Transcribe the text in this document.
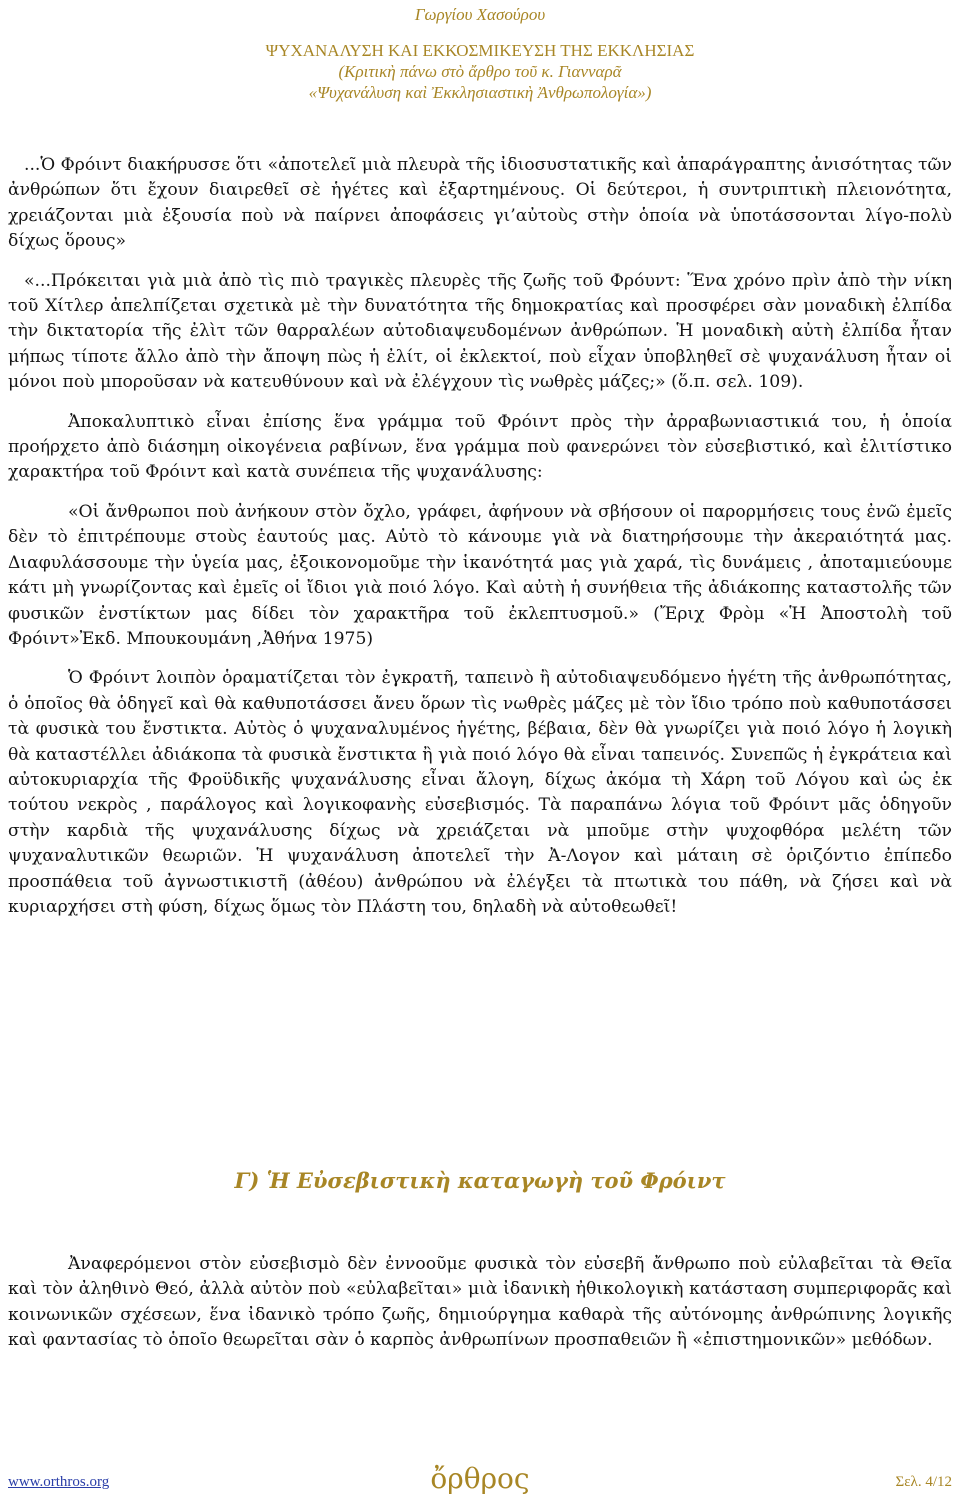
Γωργίου Χασούρου
ΨΥΧΑΝΑΛΥΣΗ ΚΑΙ ΕΚΚΟΣΜΙΚΕΥΣΗ ΤΗΣ ΕΚΚΛΗΣΙΑΣ
(Κριτικὴ πάνω στὸ ἄρθρο τοῦ κ. Γιανναρᾶ
«Ψυχανάλυση καὶ Ἐκκλησιαστικὴ Ἀνθρωπολογία»)

...Ὁ Φρόιντ διακήρυσσε ὅτι «ἀποτελεῖ μιὰ πλευρὰ τῆς ἰδιοσυστατικῆς καὶ ἀπαράγραπτης ἀνισότητας τῶν ἀνθρώπων ὅτι ἔχουν διαιρεθεῖ σὲ ἡγέτες καὶ ἐξαρτημένους. Οἱ δεύτεροι, ἡ συντριπτικὴ πλειονότητα, χρειάζονται μιὰ ἐξουσία ποὺ νὰ παίρνει ἀποφάσεις γι’αὐτοὺς στὴν ὁποία νὰ ὑποτάσσονται λίγο-πολὺ δίχως ὅρους»

«...Πρόκειται γιὰ μιὰ ἀπὸ τὶς πιὸ τραγικὲς πλευρὲς τῆς ζωῆς τοῦ Φρόυντ: Ἕνα χρόνο πρὶν ἀπὸ τὴν νίκη τοῦ Χίτλερ ἀπελπίζεται σχετικὰ μὲ τὴν δυνατότητα τῆς δημοκρατίας καὶ προσφέρει σὰν μοναδικὴ ἐλπίδα τὴν δικτατορία τῆς ἐλὶτ τῶν θαρραλέων αὐτοδιαψευδομένων ἀνθρώπων. Ἡ μοναδικὴ αὐτὴ ἐλπίδα ἦταν μήπως τίποτε ἄλλο ἀπὸ τὴν ἄποψη πὼς ἡ ἐλίτ, οἱ ἐκλεκτοί, ποὺ εἶχαν ὑποβληθεῖ σὲ ψυχανάλυση ἦταν οἱ μόνοι ποὺ μποροῦσαν νὰ κατευθύνουν καὶ νὰ ἐλέγχουν τὶς νωθρὲς μάζες;» (ὅ.π. σελ. 109).

Ἀποκαλυπτικὸ εἶναι ἐπίσης ἕνα γράμμα τοῦ Φρόιντ πρὸς τὴν ἀρραβωνιαστικιά του, ἡ ὁποία προήρχετο ἀπὸ διάσημη οἰκογένεια ραβίνων, ἕνα γράμμα ποὺ φανερώνει τὸν εὐσεβιστικό, καὶ ἐλιτίστικο χαρακτήρα τοῦ Φρόιντ καὶ κατὰ συνέπεια τῆς ψυχανάλυσης:

«Οἱ ἄνθρωποι ποὺ ἀνήκουν στὸν ὄχλο, γράφει, ἀφήνουν νὰ σβήσουν οἱ παρορμήσεις τους ἐνῶ ἐμεῖς δὲν τὸ ἐπιτρέπουμε στοὺς ἑαυτούς μας. Αὐτὸ τὸ κάνουμε γιὰ νὰ διατηρήσουμε τὴν ἀκεραιότητά μας. Διαφυλάσσουμε τὴν ὑγεία μας, ἐξοικονομοῦμε τὴν ἱκανότητά μας γιὰ χαρά, τὶς δυνάμεις , ἀποταμιεύουμε κάτι μὴ γνωρίζοντας καὶ ἐμεῖς οἱ ἴδιοι γιὰ ποιό λόγο. Καὶ αὐτὴ ἡ συνήθεια τῆς ἀδιάκοπης καταστολῆς τῶν φυσικῶν ἐνστίκτων μας δίδει τὸν χαρακτῆρα τοῦ ἐκλεπτυσμοῦ.» (Ἔριχ Φρὸμ «Ἡ Ἀποστολὴ τοῦ Φρόιντ»Ἐκδ. Μπουκουμάνη ,Ἀθήνα 1975)

Ὁ Φρόιντ λοιπὸν ὁραματίζεται τὸν ἐγκρατῆ, ταπεινὸ ἢ αὐτοδιαψευδόμενο ἡγέτη τῆς ἀνθρωπότητας, ὁ ὁποῖος θὰ ὁδηγεῖ καὶ θὰ καθυποτάσσει ἄνευ ὅρων τὶς νωθρὲς μάζες μὲ τὸν ἴδιο τρόπο ποὺ καθυποτάσσει τὰ φυσικὰ του ἔνστικτα. Αὐτὸς ὁ ψυχαναλυμένος ἡγέτης, βέβαια, δὲν θὰ γνωρίζει γιὰ ποιό λόγο ἡ λογικὴ θὰ καταστέλλει ἀδιάκοπα τὰ φυσικὰ ἔνστικτα ἢ γιὰ ποιό λόγο θὰ εἶναι ταπεινός. Συνεπῶς ἡ ἐγκράτεια καὶ αὐτοκυριαρχία τῆς Φροϋδικῆς ψυχανάλυσης εἶναι ἄλογη, δίχως ἀκόμα τὴ Χάρη τοῦ Λόγου καὶ ὡς ἐκ τούτου νεκρὸς , παράλογος καὶ λογικοφανὴς εὐσεβισμός. Τὰ παραπάνω λόγια τοῦ Φρόιντ μᾶς ὁδηγοῦν στὴν καρδιὰ τῆς ψυχανάλυσης δίχως νὰ χρειάζεται νὰ μποῦμε στὴν ψυχοφθόρα μελέτη τῶν ψυχαναλυτικῶν θεωριῶν. Ἡ ψυχανάλυση ἀποτελεῖ τὴν Ἀ-Λογον καὶ μάταιη σὲ ὁριζόντιο ἐπίπεδο προσπάθεια τοῦ ἀγνωστικιστῆ (ἀθέου) ἀνθρώπου νὰ ἐλέγξει τὰ πτωτικὰ του πάθη, νὰ ζήσει καὶ νὰ κυριαρχήσει στὴ φύση, δίχως ὅμως τὸν Πλάστη του, δηλαδὴ νὰ αὐτοθεωθεῖ!

Γ) Ἡ Εὐσεβιστικὴ καταγωγὴ τοῦ Φρόιντ

Ἀναφερόμενοι στὸν εὐσεβισμὸ δὲν ἐννοοῦμε φυσικὰ τὸν εὐσεβῆ ἄνθρωπο ποὺ εὐλαβεῖται τὰ Θεῖα καὶ τὸν ἀληθινὸ Θεό, ἀλλὰ αὐτὸν ποὺ «εὐλαβεῖται» μιὰ ἰδανικὴ ἠθικολογικὴ κατάσταση συμπεριφορᾶς καὶ κοινωνικῶν σχέσεων, ἕνα ἰδανικὸ τρόπο ζωῆς, δημιούργημα καθαρὰ τῆς αὐτόνομης ἀνθρώπινης λογικῆς καὶ φαντασίας τὸ ὁποῖο θεωρεῖται σὰν ὁ καρπὸς ἀνθρωπίνων προσπαθειῶν ἢ «ἐπιστημονικῶν» μεθόδων.

www.orthros.org	ὄρθρος	Σελ. 4/12
